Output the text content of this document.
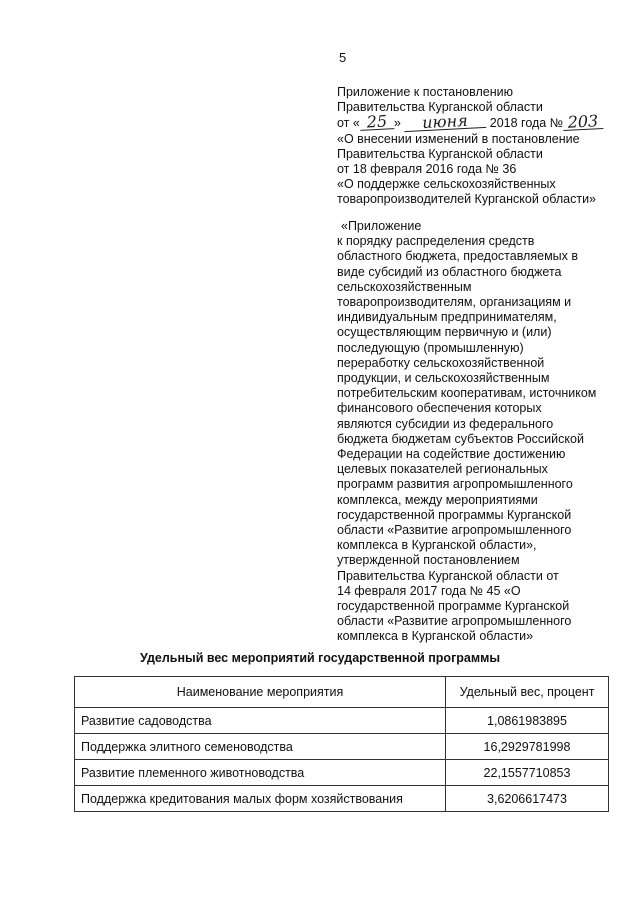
5
Приложение к постановлению
Правительства Курганской области
от « 25 » июня 2018 года № 203
«О внесении изменений в постановление
Правительства Курганской области
от 18 февраля 2016 года № 36
«О поддержке сельскохозяйственных
товаропроизводителей Курганской области»
«Приложение
к порядку распределения средств
областного бюджета, предоставляемых в
виде субсидий из областного бюджета
сельскохозяйственным
товаропроизводителям, организациям и
индивидуальным предпринимателям,
осуществляющим первичную и (или)
последующую (промышленную)
переработку сельскохозяйственной
продукции, и сельскохозяйственным
потребительским кооперативам, источником
финансового обеспечения которых
являются субсидии из федерального
бюджета бюджетам субъектов Российской
Федерации на содействие достижению
целевых показателей региональных
программ развития агропромышленного
комплекса, между мероприятиями
государственной программы Курганской
области «Развитие агропромышленного
комплекса в Курганской области»,
утвержденной постановлением
Правительства Курганской области от
14 февраля 2017 года № 45 «О
государственной программе Курганской
области «Развитие агропромышленного
комплекса в Курганской области»
Удельный вес мероприятий государственной программы
Наименование мероприятия	Удельный вес, процент
Развитие садоводства	1,0861983895
Поддержка элитного семеноводства	16,2929781998
Развитие племенного животноводства	22,1557710853
Поддержка кредитования малых форм хозяйствования	3,6206617473
